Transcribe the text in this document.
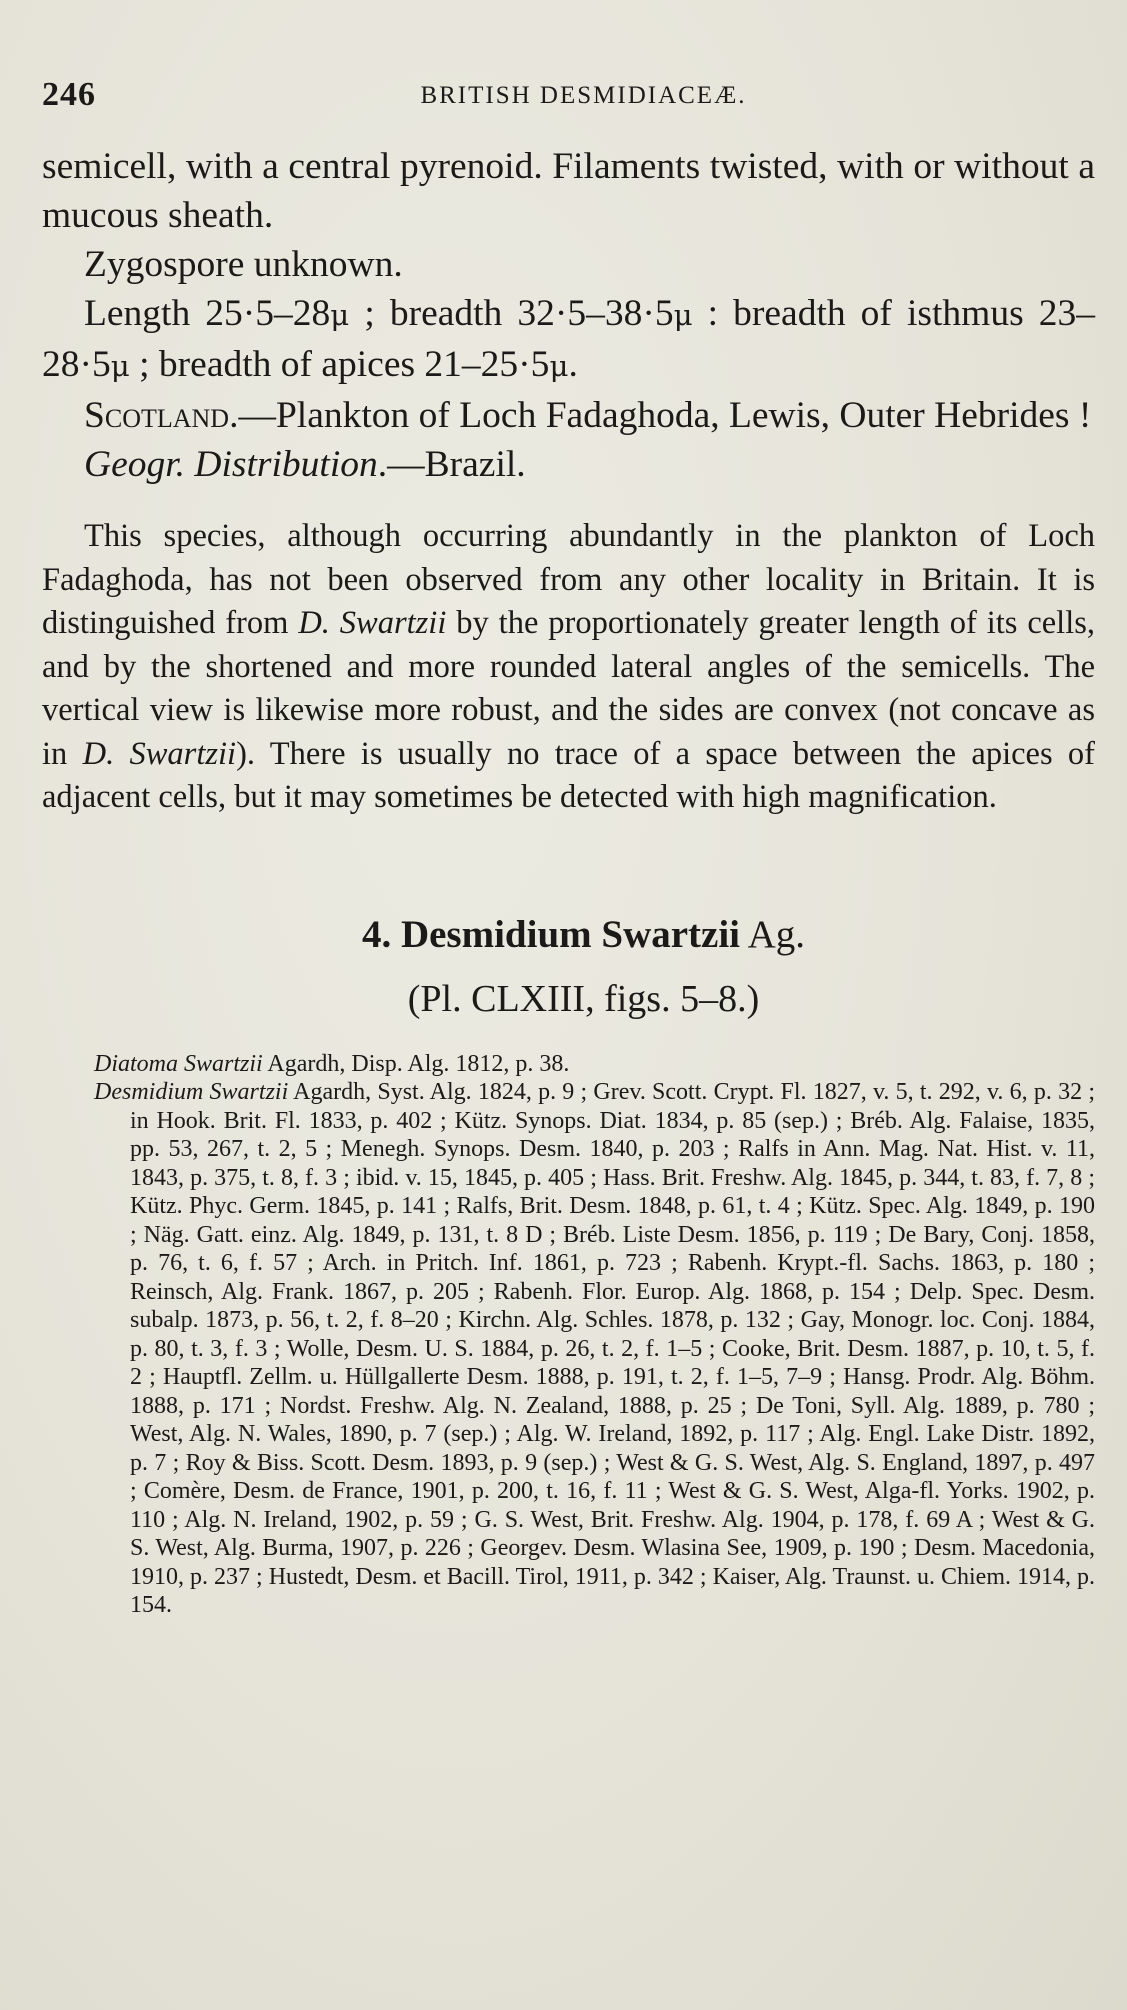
246	BRITISH DESMIDIACEÆ.

semicell, with a central pyrenoid. Filaments twisted, with or without a mucous sheath.

Zygospore unknown.

Length 25·5–28μ ; breadth 32·5–38·5μ : breadth of isthmus 23–28·5μ ; breadth of apices 21–25·5μ.

Scotland.—Plankton of Loch Fadaghoda, Lewis, Outer Hebrides !

Geogr. Distribution.—Brazil.

This species, although occurring abundantly in the plankton of Loch Fadaghoda, has not been observed from any other locality in Britain. It is distinguished from D. Swartzii by the proportionately greater length of its cells, and by the shortened and more rounded lateral angles of the semicells. The vertical view is likewise more robust, and the sides are convex (not concave as in D. Swartzii). There is usually no trace of a space between the apices of adjacent cells, but it may sometimes be detected with high magnification.

4. Desmidium Swartzii Ag.
(Pl. CLXIII, figs. 5–8.)

Diatoma Swartzii Agardh, Disp. Alg. 1812, p. 38.

Desmidium Swartzii Agardh, Syst. Alg. 1824, p. 9 ; Grev. Scott. Crypt. Fl. 1827, v. 5, t. 292, v. 6, p. 32 ; in Hook. Brit. Fl. 1833, p. 402 ; Kütz. Synops. Diat. 1834, p. 85 (sep.) ; Bréb. Alg. Falaise, 1835, pp. 53, 267, t. 2, 5 ; Menegh. Synops. Desm. 1840, p. 203 ; Ralfs in Ann. Mag. Nat. Hist. v. 11, 1843, p. 375, t. 8, f. 3 ; ibid. v. 15, 1845, p. 405 ; Hass. Brit. Freshw. Alg. 1845, p. 344, t. 83, f. 7, 8 ; Kütz. Phyc. Germ. 1845, p. 141 ; Ralfs, Brit. Desm. 1848, p. 61, t. 4 ; Kütz. Spec. Alg. 1849, p. 190 ; Näg. Gatt. einz. Alg. 1849, p. 131, t. 8 D ; Bréb. Liste Desm. 1856, p. 119 ; De Bary, Conj. 1858, p. 76, t. 6, f. 57 ; Arch. in Pritch. Inf. 1861, p. 723 ; Rabenh. Krypt.-fl. Sachs. 1863, p. 180 ; Reinsch, Alg. Frank. 1867, p. 205 ; Rabenh. Flor. Europ. Alg. 1868, p. 154 ; Delp. Spec. Desm. subalp. 1873, p. 56, t. 2, f. 8–20 ; Kirchn. Alg. Schles. 1878, p. 132 ; Gay, Monogr. loc. Conj. 1884, p. 80, t. 3, f. 3 ; Wolle, Desm. U. S. 1884, p. 26, t. 2, f. 1–5 ; Cooke, Brit. Desm. 1887, p. 10, t. 5, f. 2 ; Hauptfl. Zellm. u. Hüllgallerte Desm. 1888, p. 191, t. 2, f. 1–5, 7–9 ; Hansg. Prodr. Alg. Böhm. 1888, p. 171 ; Nordst. Freshw. Alg. N. Zealand, 1888, p. 25 ; De Toni, Syll. Alg. 1889, p. 780 ; West, Alg. N. Wales, 1890, p. 7 (sep.) ; Alg. W. Ireland, 1892, p. 117 ; Alg. Engl. Lake Distr. 1892, p. 7 ; Roy & Biss. Scott. Desm. 1893, p. 9 (sep.) ; West & G. S. West, Alg. S. England, 1897, p. 497 ; Comère, Desm. de France, 1901, p. 200, t. 16, f. 11 ; West & G. S. West, Alga-fl. Yorks. 1902, p. 110 ; Alg. N. Ireland, 1902, p. 59 ; G. S. West, Brit. Freshw. Alg. 1904, p. 178, f. 69 A ; West & G. S. West, Alg. Burma, 1907, p. 226 ; Georgev. Desm. Wlasina See, 1909, p. 190 ; Desm. Macedonia, 1910, p. 237 ; Hustedt, Desm. et Bacill. Tirol, 1911, p. 342 ; Kaiser, Alg. Traunst. u. Chiem. 1914, p. 154.
